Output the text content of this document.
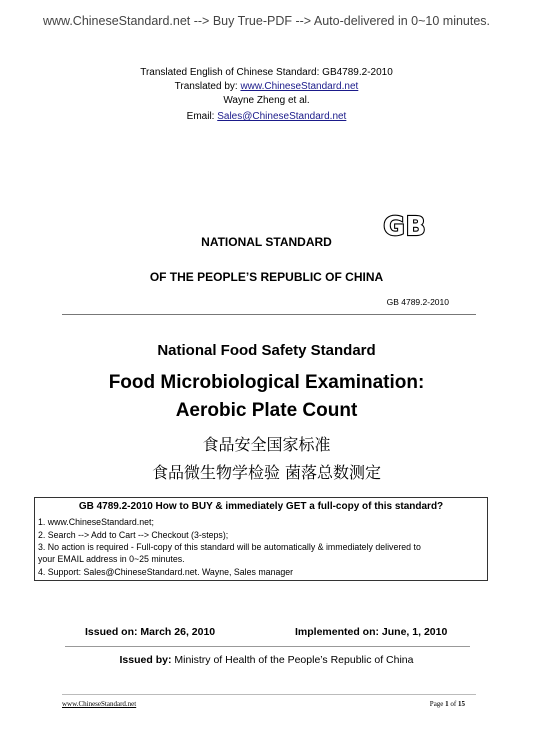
www.ChineseStandard.net --> Buy True-PDF --> Auto-delivered in 0~10 minutes.
Translated English of Chinese Standard: GB4789.2-2010
Translated by: www.ChineseStandard.net
Wayne Zheng et al.
Email: Sales@ChineseStandard.net
GB
NATIONAL STANDARD
OF THE PEOPLE’S REPUBLIC OF CHINA
GB 4789.2-2010
National Food Safety Standard
Food Microbiological Examination:
Aerobic Plate Count
食品安全国家标准
食品微生物学检验 菌落总数测定
GB 4789.2-2010 How to BUY & immediately GET a full-copy of this standard?
1. www.ChineseStandard.net;
2. Search --> Add to Cart --> Checkout (3-steps);
3. No action is required - Full-copy of this standard will be automatically & immediately delivered to
your EMAIL address in 0~25 minutes.
4. Support: Sales@ChineseStandard.net. Wayne, Sales manager
Issued on: March 26, 2010	Implemented on: June, 1, 2010
Issued by: Ministry of Health of the People’s Republic of China
www.ChineseStandard.net	Page 1 of 15
